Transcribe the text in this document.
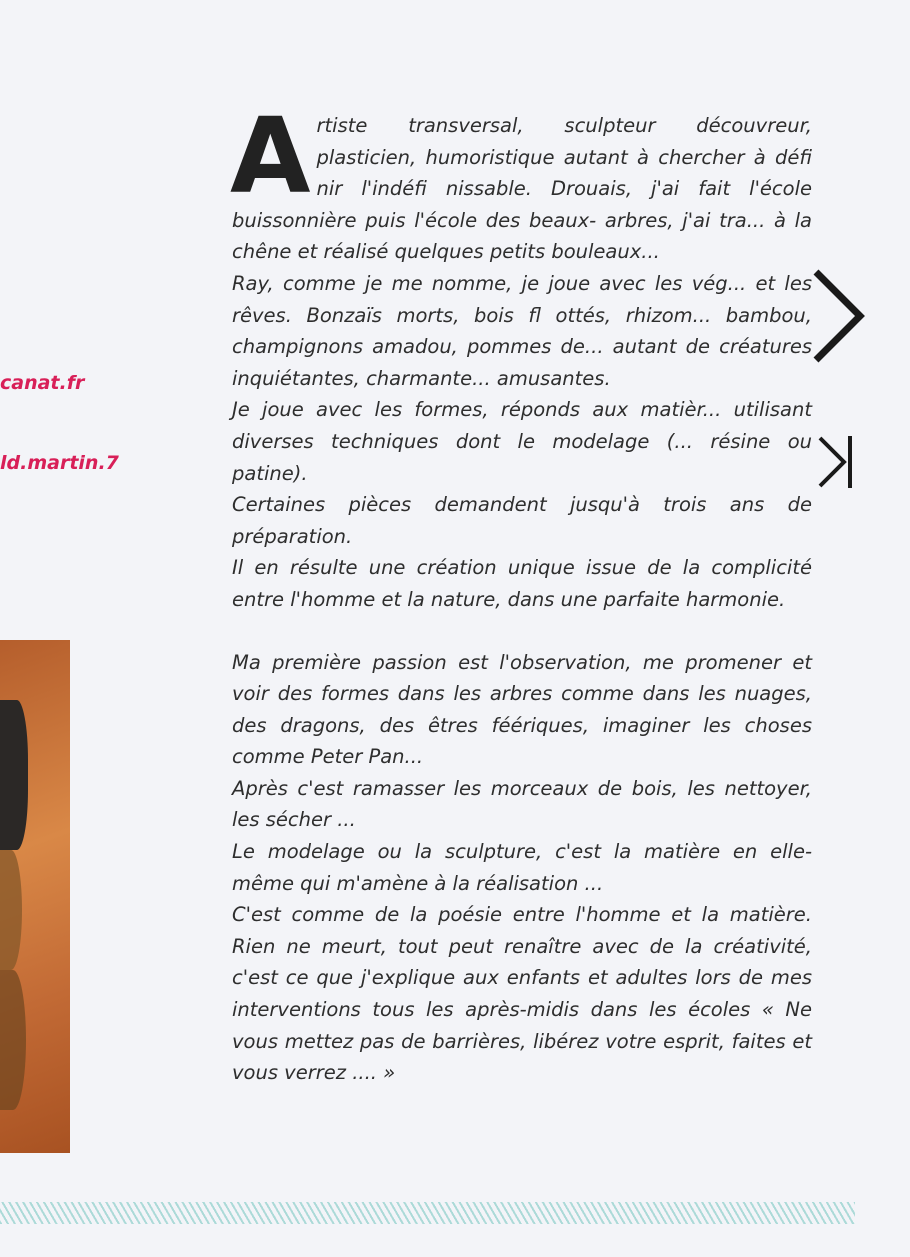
canat.fr

ld.martin.7

Artiste transversal, sculpteur découvreur, plasticien, humoristique autant à chercher à défi nir l'indéfi nissable. Drouais, j'ai fait l'école buissonnière puis l'école des beaux- arbres, j'ai tra... à la chêne et réalisé quelques petits bouleaux...

Ray, comme je me nomme, je joue avec les vég... et les rêves. Bonzaïs morts, bois fl ottés, rhizom... bambou, champignons amadou, pommes de... autant de créatures inquiétantes, charmante... amusantes.

Je joue avec les formes, réponds aux matièr... utilisant diverses techniques dont le modelage (... résine ou patine).

Certaines pièces demandent jusqu'à trois ans de préparation.

Il en résulte une création unique issue de la complicité entre l'homme et la nature, dans une parfaite harmonie.

Ma première passion est l'observation, me promener et voir des formes dans les arbres comme dans les nuages, des dragons, des êtres féériques, imaginer les choses comme Peter Pan...

Après c'est ramasser les morceaux de bois, les nettoyer, les sécher ...

Le modelage ou la sculpture, c'est la matière en elle-même qui m'amène à la réalisation ...

C'est comme de la poésie entre l'homme et la matière. Rien ne meurt, tout peut renaître avec de la créativité, c'est ce que j'explique aux enfants et adultes lors de mes interventions tous les après-midis dans les écoles « Ne vous mettez pas de barrières, libérez votre esprit, faites et vous verrez .... »
